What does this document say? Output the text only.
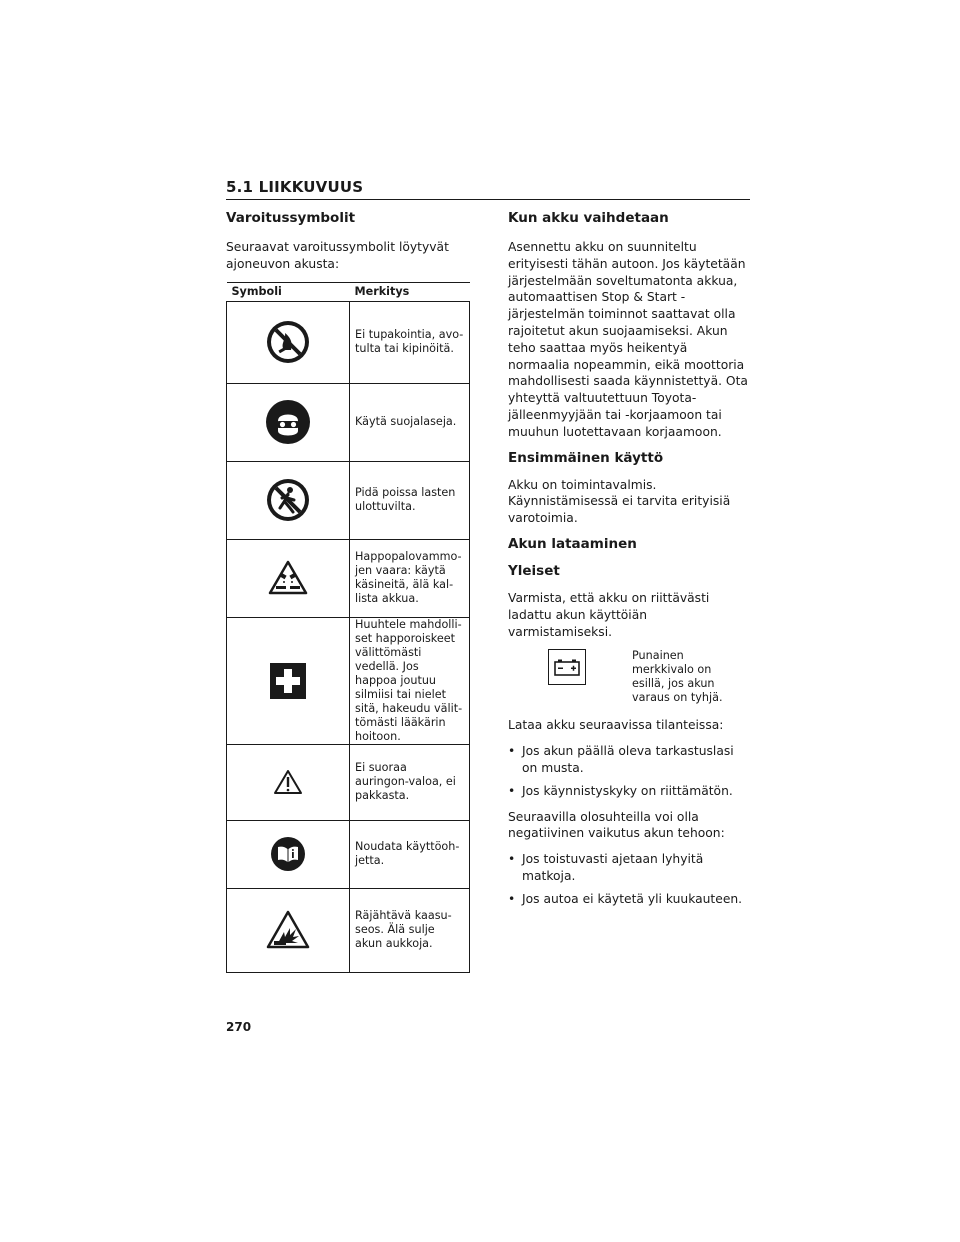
5.1 LIIKKUVUUS
Varoitussymbolit

Seuraavat varoitussymbolit löytyvät ajoneuvon akusta:

Symboli	Merkitys

	Ei tupakointia, avo-tulta tai kipinöitä.

	Käytä suojalaseja.

	Pidä poissa lasten ulottuvilta.

	Happopalovammo-jen vaara: käytä käsineitä, älä kal-lista akkua.

	Huuhtele mahdolli-set happoroiskeet välittömästi vedellä. Jos happoa joutuu silmiisi tai nielet sitä, hakeudu välit-tömästi lääkärin hoitoon.

	Ei suoraa auringon-valoa, ei pakkasta.

	Noudata käyttöoh-jetta.

	Räjähtävä kaasu-seos. Älä sulje akun aukkoja.
Kun akku vaihdetaan

Asennettu akku on suunniteltu erityisesti tähän autoon. Jos käytetään järjestelmään soveltumatonta akkua, automaattisen Stop & Start -järjestelmän toiminnot saattavat olla rajoitetut akun suojaamiseksi. Akun teho saattaa myös heikentyä normaalia nopeammin, eikä moottoria mahdollisesti saada käynnistettyä. Ota yhteyttä valtuutettuun Toyota-jälleenmyyjään tai -korjaamoon tai muuhun luotettavaan korjaamoon.

Ensimmäinen käyttö

Akku on toimintavalmis. Käynnistämisessä ei tarvita erityisiä varotoimia.

Akun lataaminen
Yleiset

Varmista, että akku on riittävästi ladattu akun käyttöiän varmistamiseksi.

Punainen merkkivalo on esillä, jos akun varaus on tyhjä.

Lataa akku seuraavissa tilanteissa:

• Jos akun päällä oleva tarkastuslasi on musta.
• Jos käynnistyskyky on riittämätön.

Seuraavilla olosuhteilla voi olla negatiivinen vaikutus akun tehoon:

• Jos toistuvasti ajetaan lyhyitä matkoja.
• Jos autoa ei käytetä yli kuukauteen.
270
